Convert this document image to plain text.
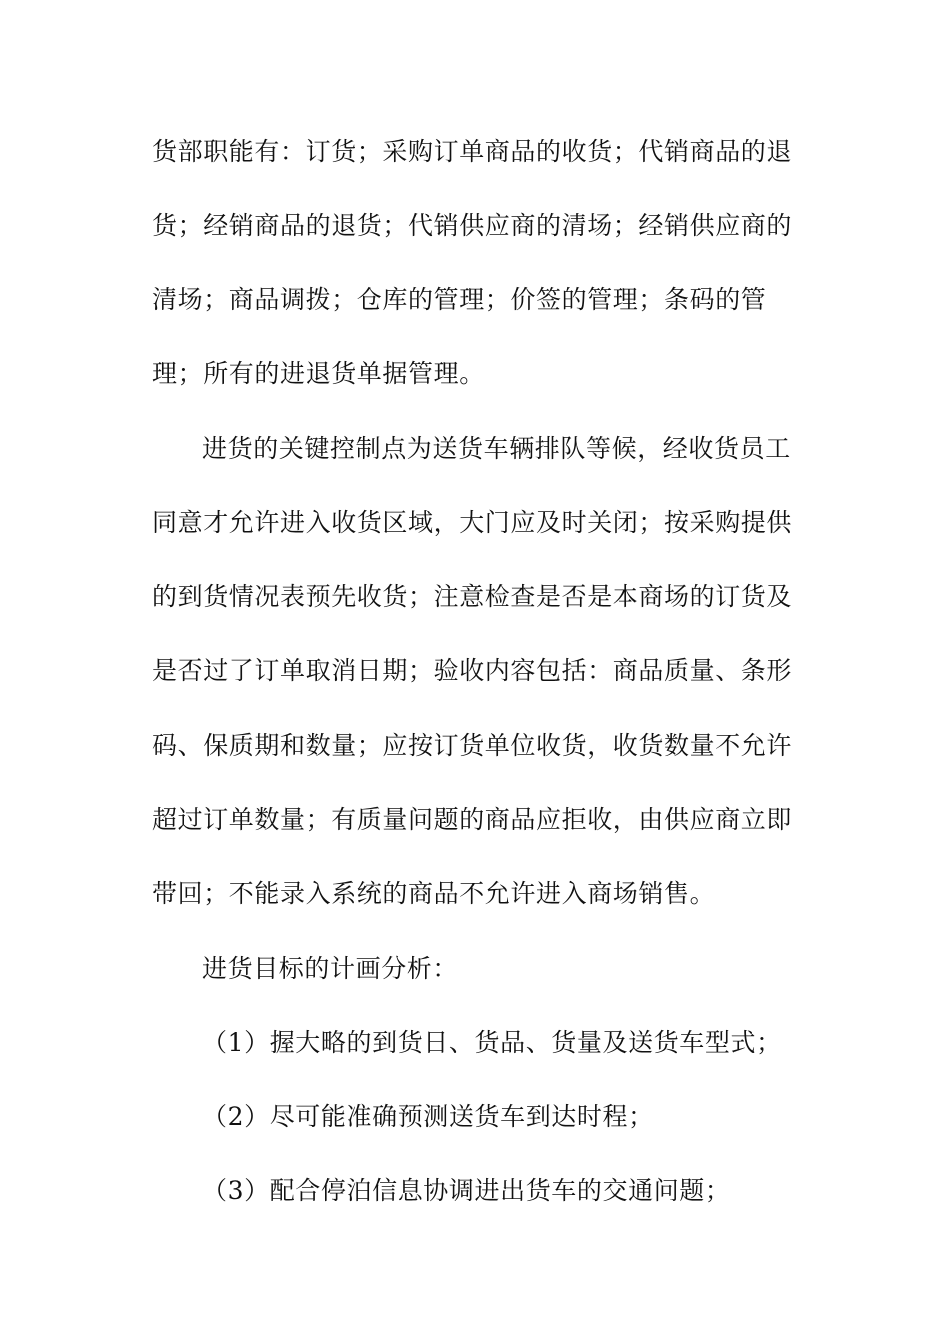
货部职能有：订货；采购订单商品的收货；代销商品的退
货；经销商品的退货；代销供应商的清场；经销供应商的
清场；商品调拨；仓库的管理；价签的管理；条码的管
理；所有的进退货单据管理。
进货的关键控制点为送货车辆排队等候，经收货员工
同意才允许进入收货区域，大门应及时关闭；按采购提供
的到货情况表预先收货；注意检查是否是本商场的订货及
是否过了订单取消日期；验收内容包括：商品质量、条形
码、保质期和数量；应按订货单位收货，收货数量不允许
超过订单数量；有质量问题的商品应拒收，由供应商立即
带回；不能录入系统的商品不允许进入商场销售。
进货目标的计画分析：
（1）握大略的到货日、货品、货量及送货车型式；
（2）尽可能准确预测送货车到达时程；
（3）配合停泊信息协调进出货车的交通问题；
